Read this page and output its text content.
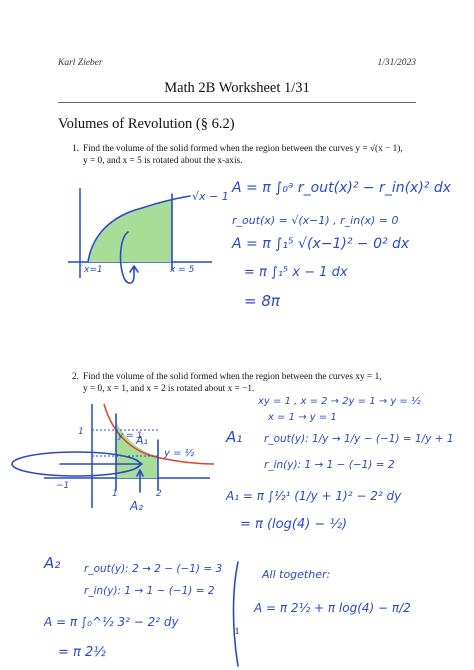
Karl Zieber	1/31/2023
Math 2B Worksheet 1/31
Volumes of Revolution (§ 6.2)
1. Find the volume of the solid formed when the region between the curves y = √(x − 1),
y = 0, and x = 5 is rotated about the x-axis.
√x − 1
x=1	x = 5
A = π ∫₀ᵃ r_out(x)² − r_in(x)² dx
r_out(x) = √(x−1) , r_in(x) = 0
A = π ∫₁⁵ √(x−1)² − 0² dx
= π ∫₁⁵ x − 1 dx
= 8π
y = 1
A₁
y = ½
A₂
1	2
−1
1
xy = 1 , x = 2 → 2y = 1 → y = ½
x = 1 → y = 1
A₁ r_out(y): 1/y → 1/y − (−1) = 1/y + 1
r_in(y): 1 → 1 − (−1) = 2
A₁ = π ∫½¹ (1/y + 1)² − 2² dy
= π (log(4) − ½)
A₂ r_out(y): 2 → 2 − (−1) = 3
r_in(y): 1 → 1 − (−1) = 2
A = π ∫₀^½ 3² − 2² dy
= π 2½
All together:
A = π 2½ + π log(4) − π/2
2. Find the volume of the solid formed when the region between the curves xy = 1,
y = 0, x = 1, and x = 2 is rotated about x = −1.
1
